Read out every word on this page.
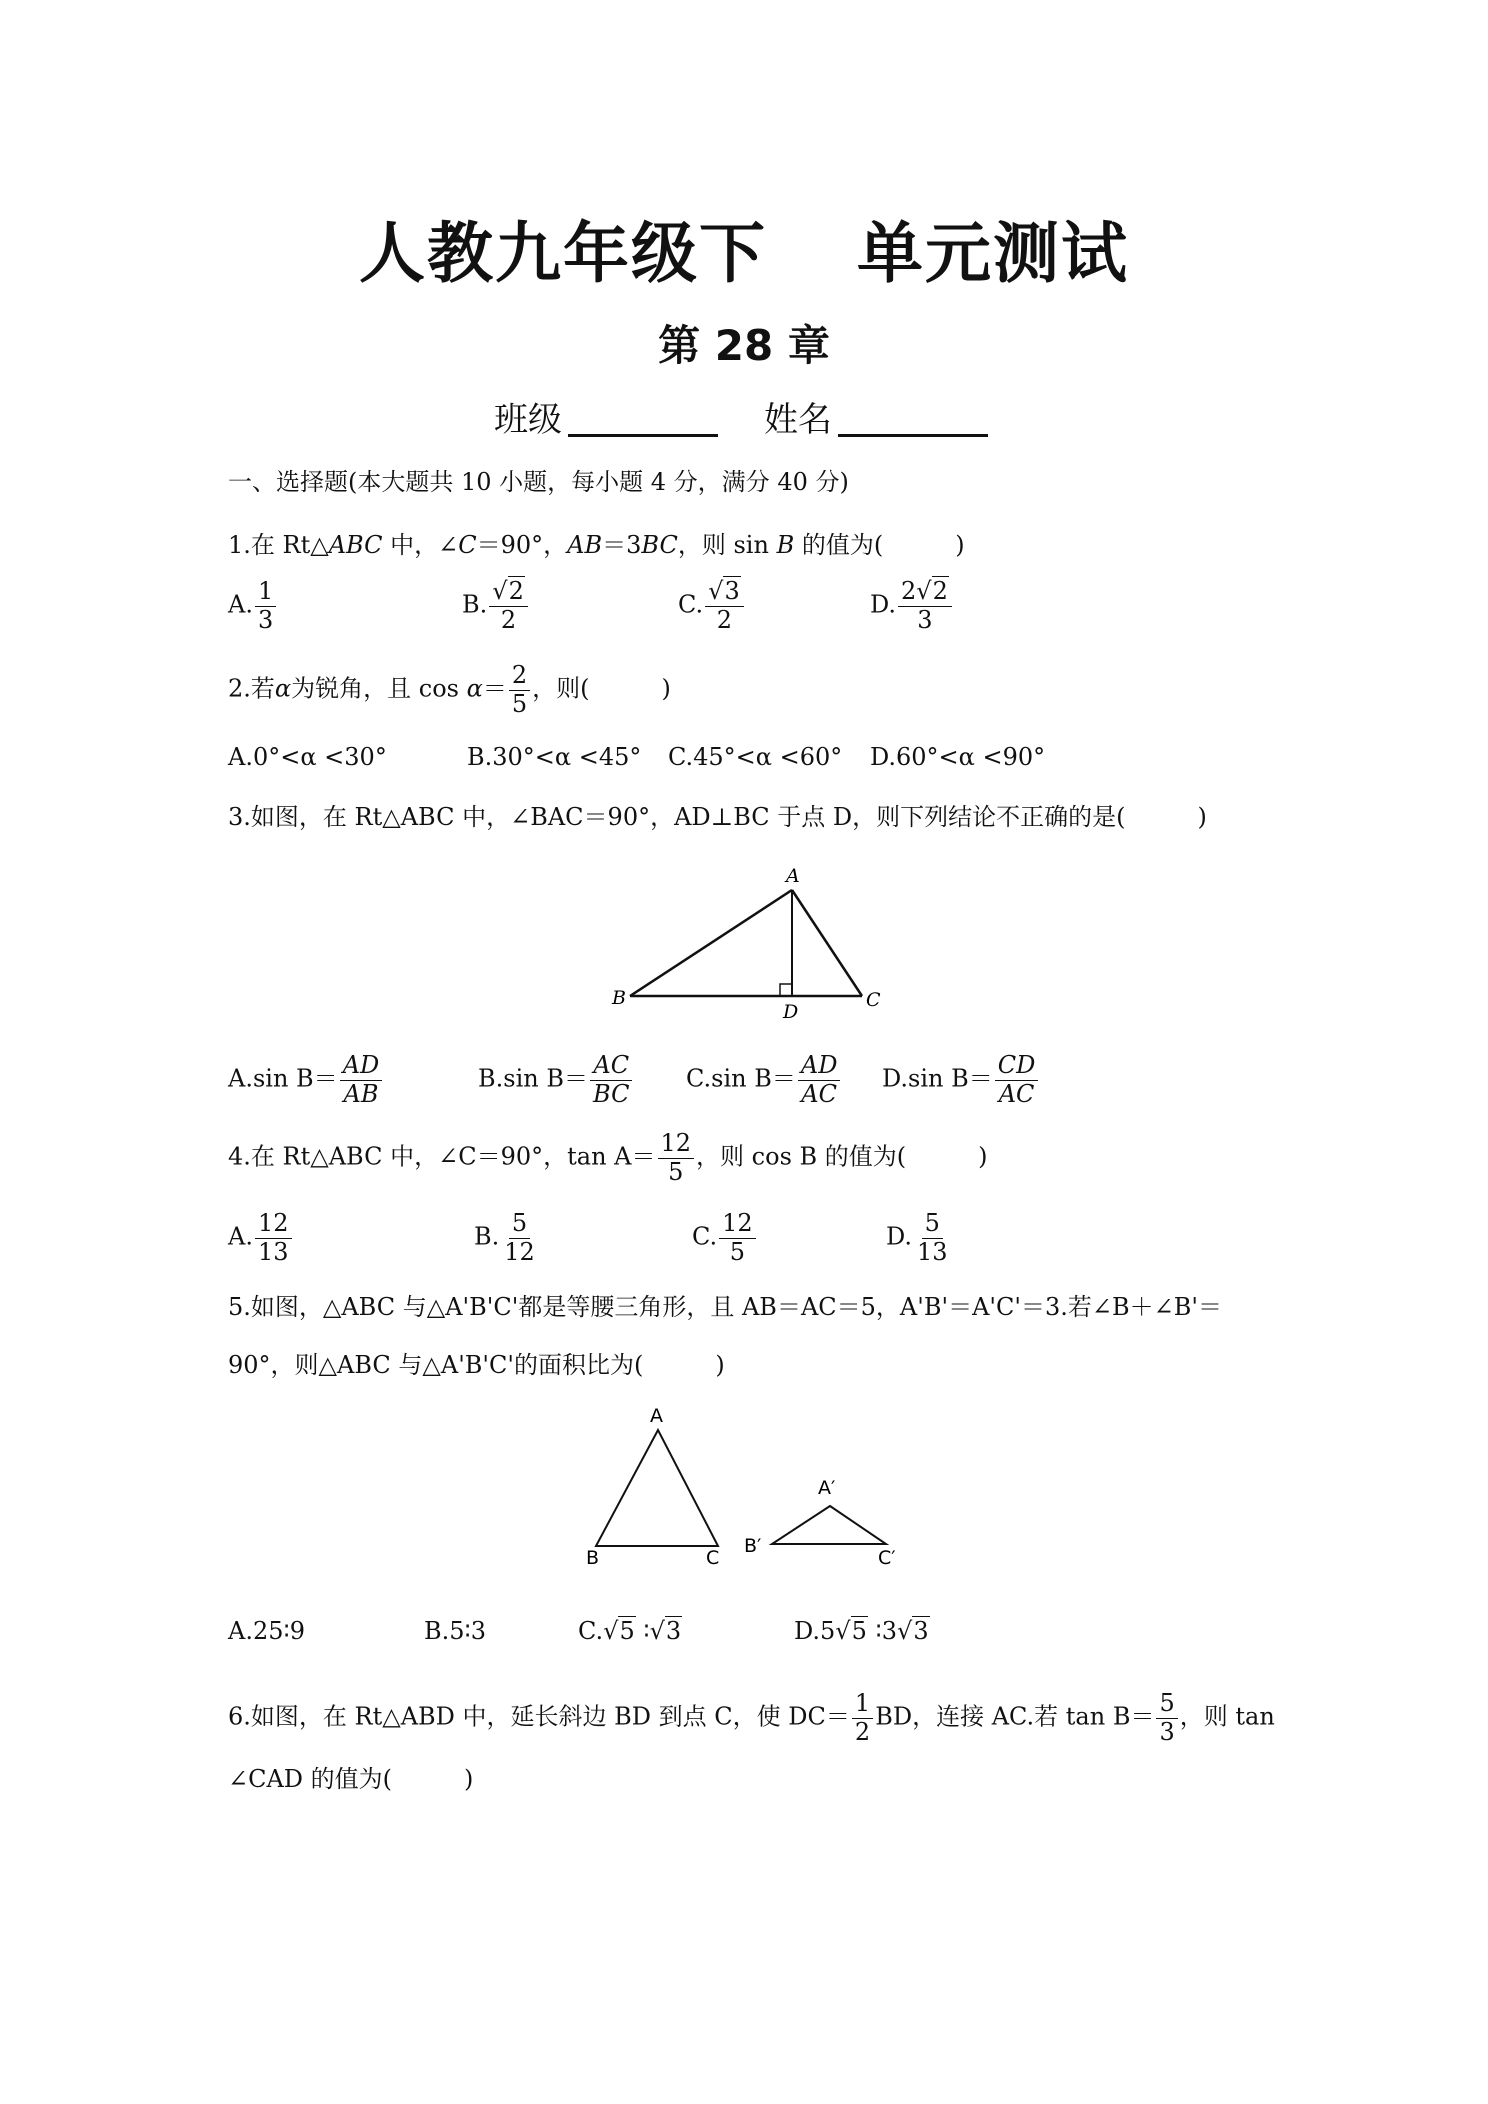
人教九年级下 单元测试
第 28 章
班级	姓名
一、选择题(本大题共 10 小题，每小题 4 分，满分 40 分)
1.在 Rt△ABC 中，∠C＝90°，AB＝3BC，则 sin B 的值为(　　　)
A. $\frac{1}{3}$	B. $\frac{√2}{2}$	C. $\frac{√3}{2}$	D. $\frac{2√2}{3}$
2.若α为锐角，且 $\cos \alpha= \frac{2}{5}$ ，则(　　　)
A.0°<α <30°	B.30°<α <45° C.45°<α <60° D.60°<α <90°
3.如图，在 Rt△ABC 中，∠BAC＝90°，AD⊥BC 于点 D，则下列结论不正确的是(　　　)
A
B	C
D
A.sin $B= \frac{AD}{AB}$	B.sin $B= \frac{AC}{BC} C.\sin$ $B= \frac{AD}{AC} D.\sin$ $B= \frac{CD}{AC}$
4.在 Rt△ABC 中，∠C＝90°，$\tan A= \frac{12}{5}$ ，则 cos B 的值为(　　　)
A. $\frac{12}{13}$	B. $\frac{5}{12}$	C. $\frac{12}{5}$	D. $\frac{5}{13}$
5.如图，△ABC 与△A'B'C'都是等腰三角形，且 AB＝AC＝5，A'B'＝A'C'＝3.若∠B＋∠B'＝
90°，则△ABC 与△A'B'C'的面积比为(　　　)
A
B	C
A′
B′
C′
A.25∶9	B.5∶3	C.√5 ∶√3	D.5√5 ∶3√3
6.如图，在 Rt△ABD 中，延长斜边 BD 到点 C，使 $DC= \frac{1}{2}$ BD，连接 AC.若 $\tan B= \frac{5}{3}$ ，则 tan
∠CAD 的值为(　　　)
